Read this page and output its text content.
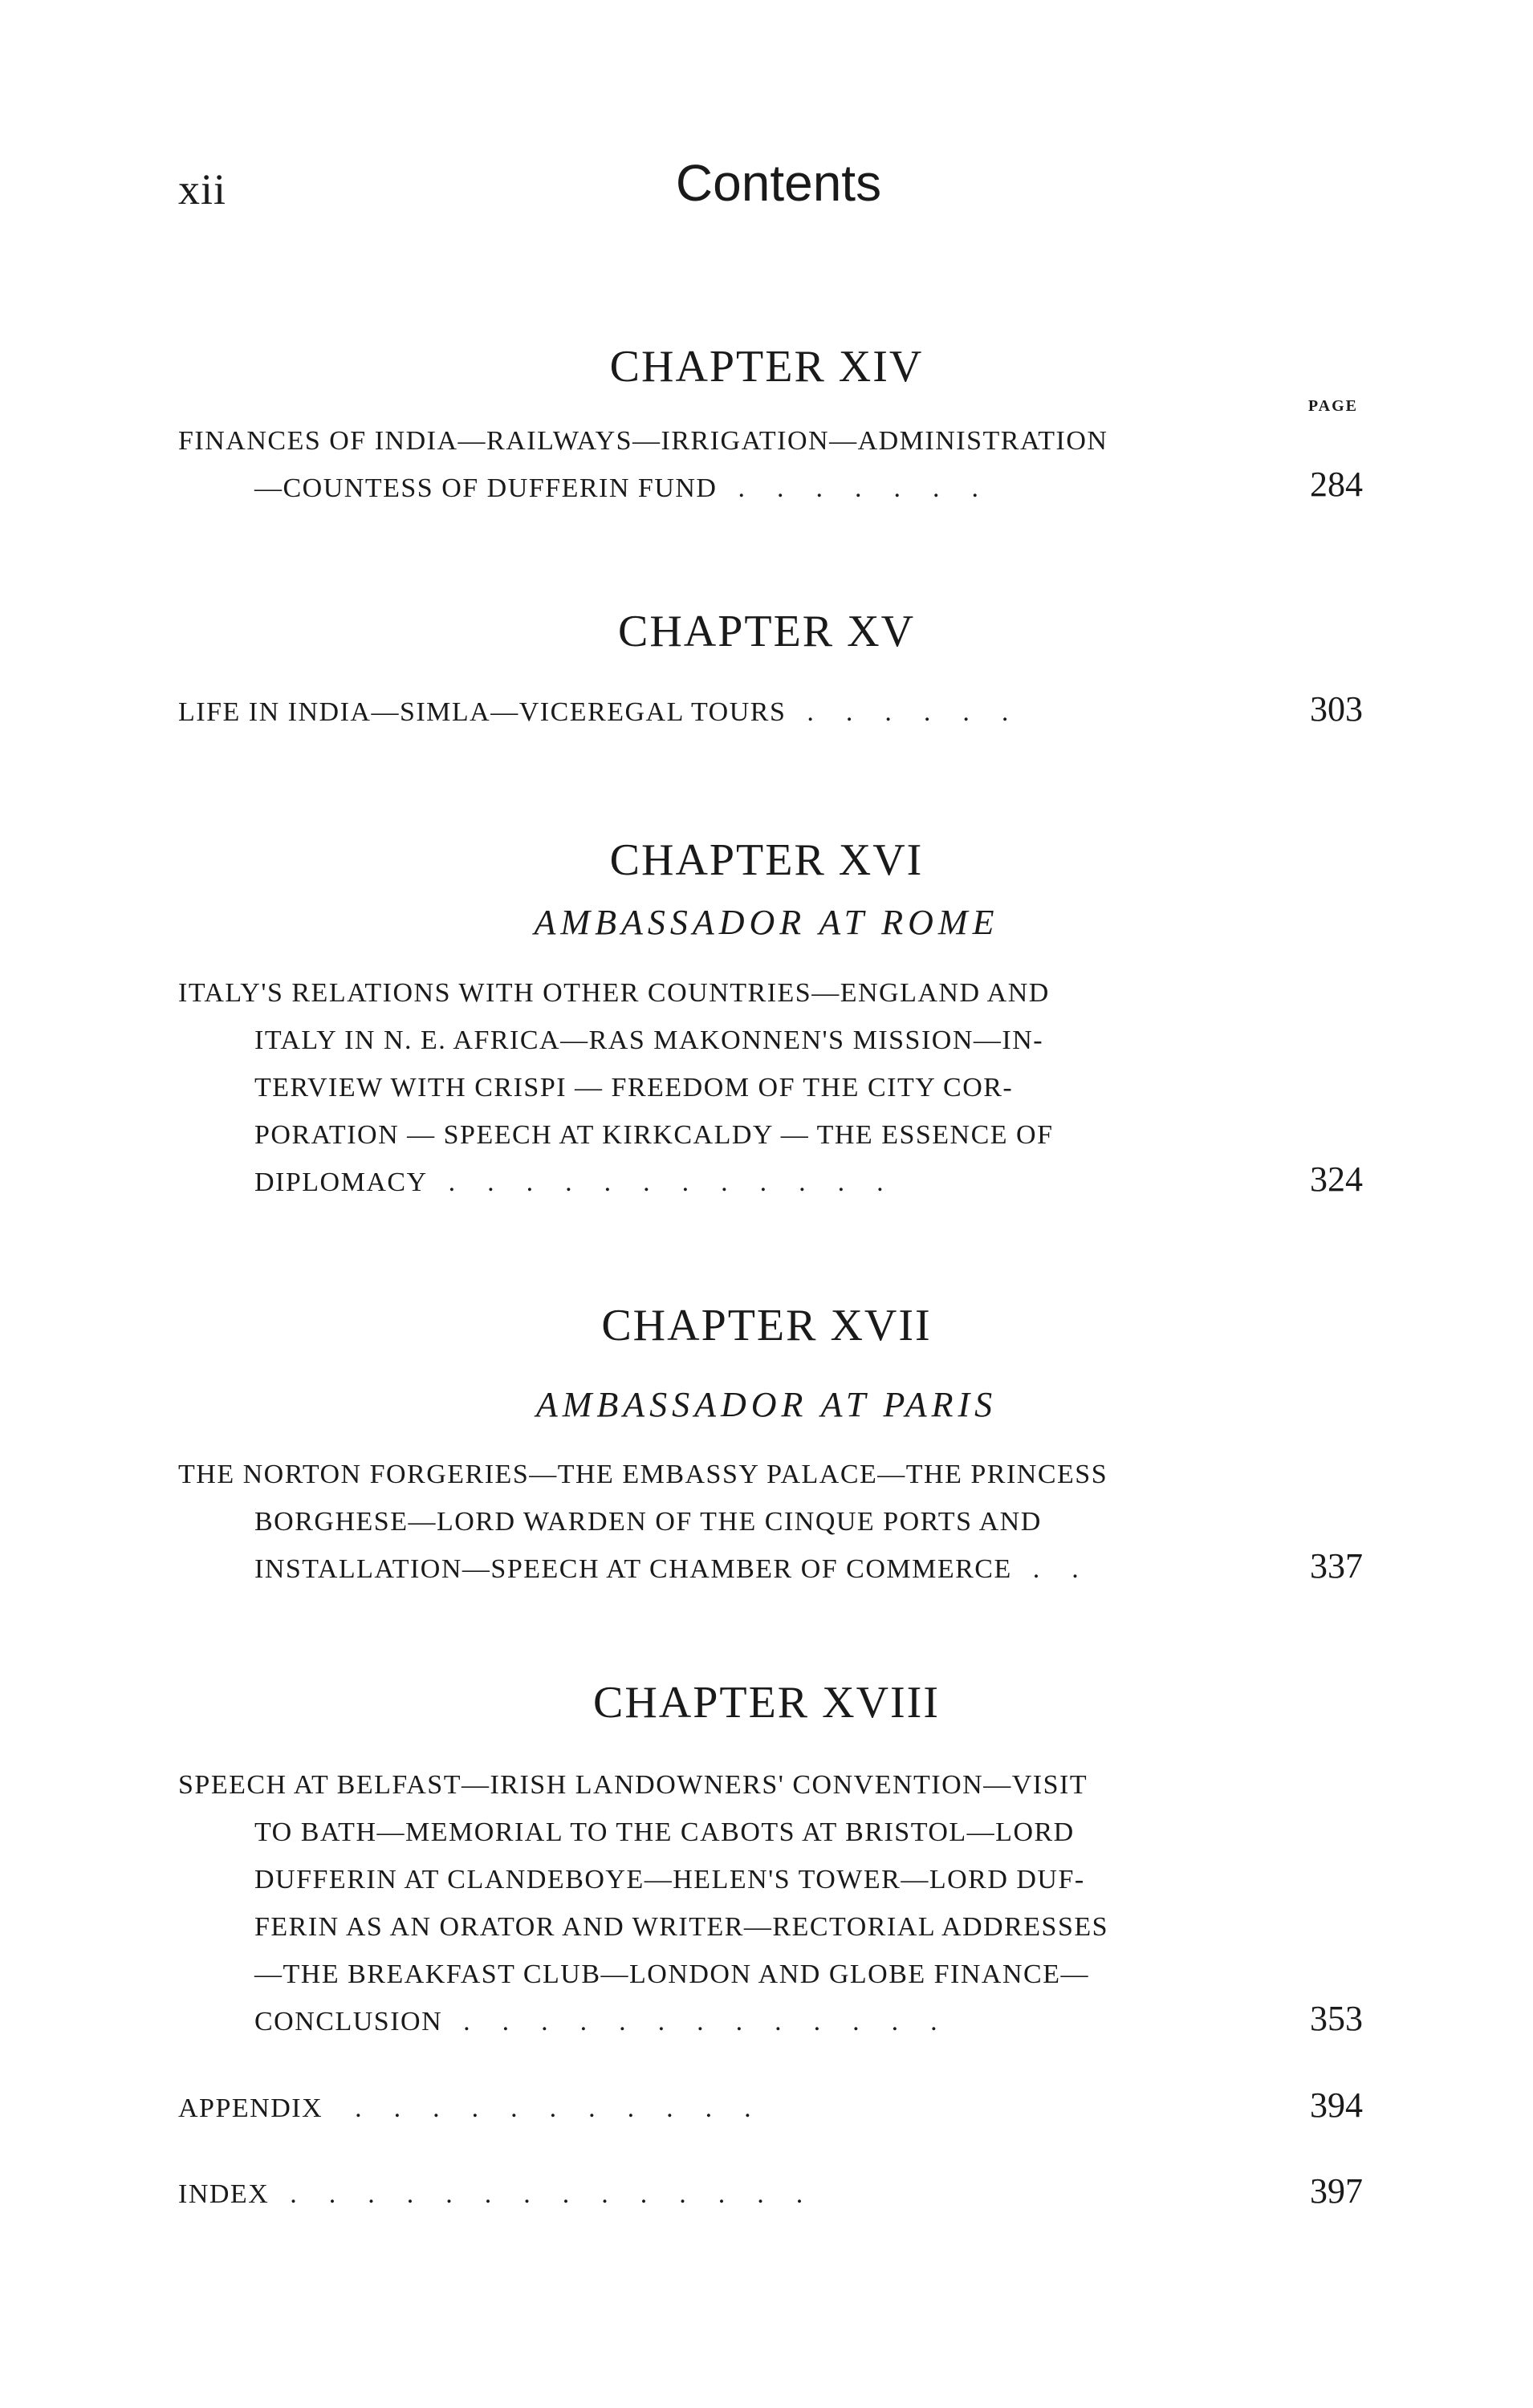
xii	Contents
CHAPTER XIV
PAGE
FINANCES OF INDIA—RAILWAYS—IRRIGATION—ADMINISTRATION
—COUNTESS OF DUFFERIN FUND .......	284
CHAPTER XV
LIFE IN INDIA—SIMLA—VICEREGAL TOURS ......	303
CHAPTER XVI
AMBASSADOR AT ROME
ITALY'S RELATIONS WITH OTHER COUNTRIES—ENGLAND AND
ITALY IN N. E. AFRICA—RAS MAKONNEN'S MISSION—IN-
TERVIEW WITH CRISPI — FREEDOM OF THE CITY COR-
PORATION — SPEECH AT KIRKCALDY — THE ESSENCE OF
DIPLOMACY ............	324
CHAPTER XVII
AMBASSADOR AT PARIS
THE NORTON FORGERIES—THE EMBASSY PALACE—THE PRINCESS
BORGHESE—LORD WARDEN OF THE CINQUE PORTS AND
INSTALLATION—SPEECH AT CHAMBER OF COMMERCE ..	337
CHAPTER XVIII
SPEECH AT BELFAST—IRISH LANDOWNERS' CONVENTION—VISIT
TO BATH—MEMORIAL TO THE CABOTS AT BRISTOL—LORD
DUFFERIN AT CLANDEBOYE—HELEN'S TOWER—LORD DUF-
FERIN AS AN ORATOR AND WRITER—RECTORIAL ADDRESSES
—THE BREAKFAST CLUB—LONDON AND GLOBE FINANCE—
CONCLUSION .............	353
APPENDIX ...........	394
INDEX ..............	397
